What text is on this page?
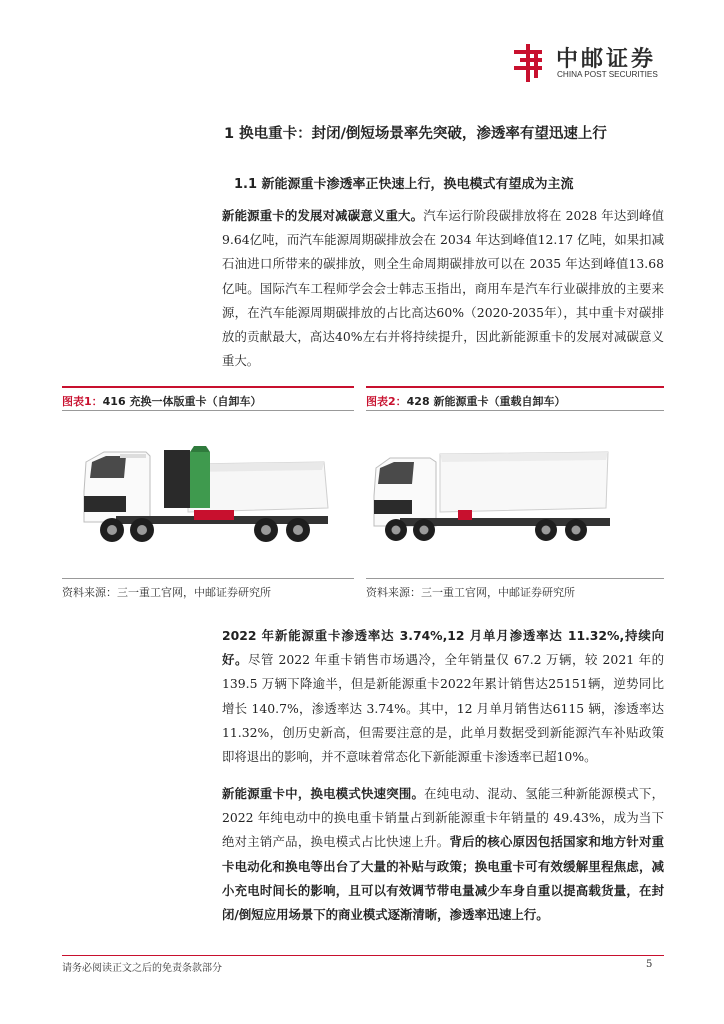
中邮证券
CHINA POST SECURITIES
1 换电重卡：封闭/倒短场景率先突破，渗透率有望迅速上行
1.1 新能源重卡渗透率正快速上行，换电模式有望成为主流
新能源重卡的发展对减碳意义重大。汽车运行阶段碳排放将在 2028 年达到峰值9.64亿吨，而汽车能源周期碳排放会在 2034 年达到峰值12.17 亿吨，如果扣减石油进口所带来的碳排放，则全生命周期碳排放可以在 2035 年达到峰值13.68亿吨。国际汽车工程师学会会士韩志玉指出，商用车是汽车行业碳排放的主要来源，在汽车能源周期碳排放的占比高达60%（2020-2035年），其中重卡对碳排放的贡献最大，高达40%左右并将持续提升，因此新能源重卡的发展对减碳意义重大。
图表1：416 充换一体版重卡（自卸车）
资料来源：三一重工官网，中邮证券研究所
图表2：428 新能源重卡（重载自卸车）
资料来源：三一重工官网，中邮证券研究所
2022 年新能源重卡渗透率达 3.74%,12 月单月渗透率达 11.32%,持续向好。尽管 2022 年重卡销售市场遇冷，全年销量仅 67.2 万辆，较 2021 年的 139.5 万辆下降逾半，但是新能源重卡2022年累计销售达25151辆，逆势同比增长 140.7%，渗透率达 3.74%。其中，12 月单月销售达6115 辆，渗透率达 11.32%，创历史新高，但需要注意的是，此单月数据受到新能源汽车补贴政策即将退出的影响，并不意味着常态化下新能源重卡渗透率已超10%。
新能源重卡中，换电模式快速突围。在纯电动、混动、氢能三种新能源模式下，2022 年纯电动中的换电重卡销量占到新能源重卡年销量的 49.43%，成为当下绝对主销产品，换电模式占比快速上升。背后的核心原因包括国家和地方针对重卡电动化和换电等出台了大量的补贴与政策；换电重卡可有效缓解里程焦虑，减小充电时间长的影响，且可以有效调节带电量减少车身自重以提高载货量，在封闭/倒短应用场景下的商业模式逐渐清晰，渗透率迅速上行。
请务必阅读正文之后的免责条款部分	5
